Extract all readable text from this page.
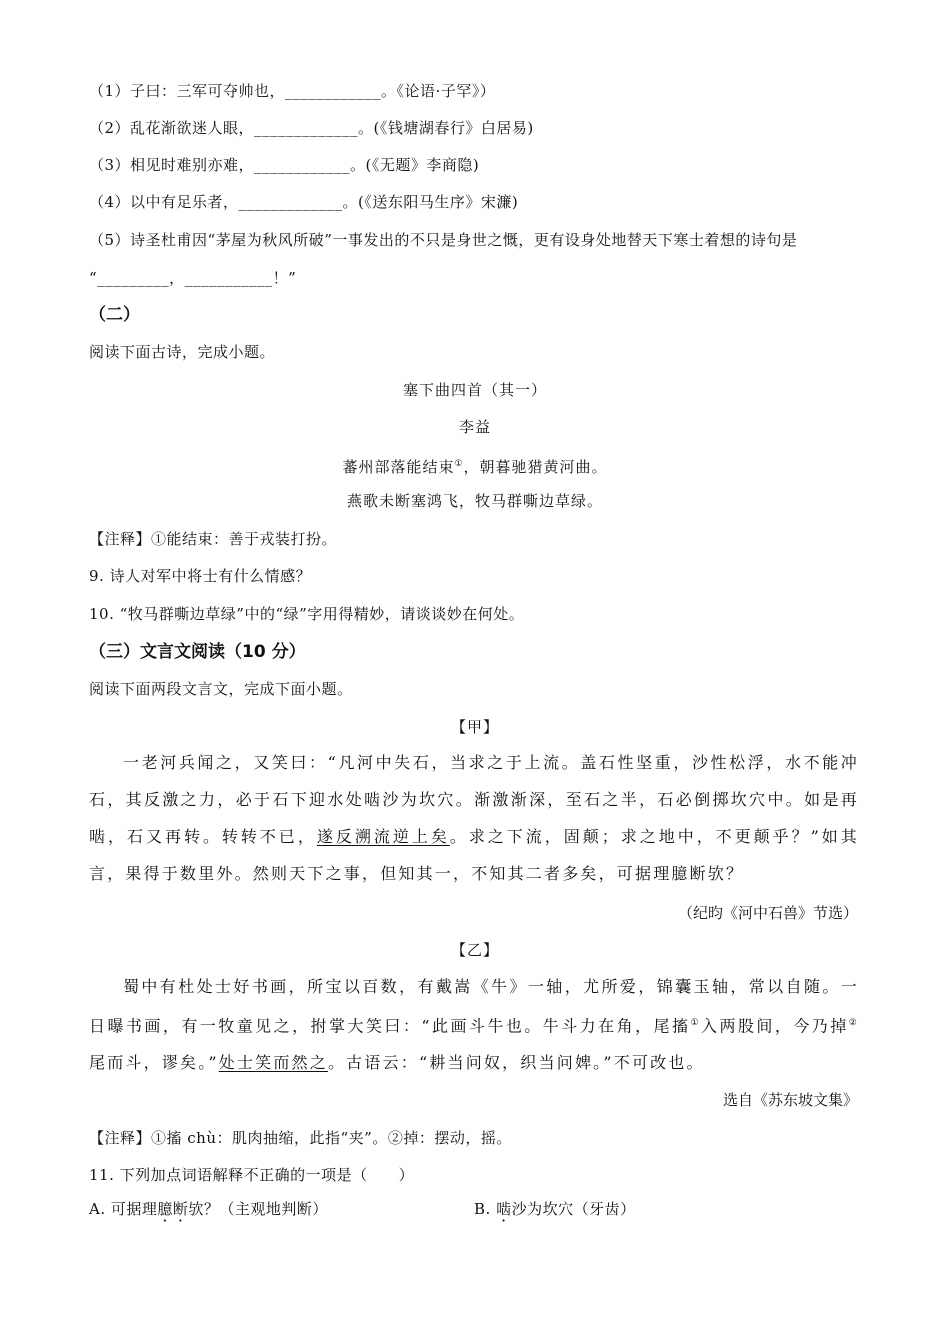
（1）子曰：三军可夺帅也，____________。《论语·子罕》）
（2）乱花渐欲迷人眼，_____________。(《钱塘湖春行》白居易)
（3）相见时难别亦难，____________。(《无题》李商隐)
（4）以中有足乐者，_____________。(《送东阳马生序》宋濂)
（5）诗圣杜甫因“茅屋为秋风所破”一事发出的不只是身世之慨，更有设身处地替天下寒士着想的诗句是
“_________，___________！”
（二）
阅读下面古诗，完成小题。
塞下曲四首（其一）
李益
蕃州部落能结束①，朝暮驰猎黄河曲。
燕歌未断塞鸿飞，牧马群嘶边草绿。
【注释】①能结束：善于戎装打扮。
9. 诗人对军中将士有什么情感？
10. “牧马群嘶边草绿”中的“绿”字用得精妙，请谈谈妙在何处。
（三）文言文阅读（10 分）
阅读下面两段文言文，完成下面小题。
【甲】
一老河兵闻之，又笑曰：“凡河中失石，当求之于上流。盖石性坚重，沙性松浮，水不能冲石，其反激之力，必于石下迎水处啮沙为坎穴。渐激渐深，至石之半，石必倒掷坎穴中。如是再啮，石又再转。转转不已，遂反溯流逆上矣。求之下流，固颠；求之地中，不更颠乎？”如其言，果得于数里外。然则天下之事，但知其一，不知其二者多矣，可据理臆断欤？
（纪昀《河中石兽》节选）
【乙】
蜀中有杜处士好书画，所宝以百数，有戴嵩《牛》一轴，尤所爱，锦囊玉轴，常以自随。一日曝书画，有一牧童见之，拊掌大笑曰：“此画斗牛也。牛斗力在角，尾搐①入两股间，今乃掉②尾而斗，谬矣。”处士笑而然之。古语云：“耕当问奴，织当问婢。”不可改也。
选自《苏东坡文集》
【注释】①搐 chù：肌肉抽缩，此指“夹”。②掉：摆动，摇。
11. 下列加点词语解释不正确的一项是（　　）
A. 可据理臆断欤？（主观地判断）	B. 啮沙为坎穴（牙齿）
